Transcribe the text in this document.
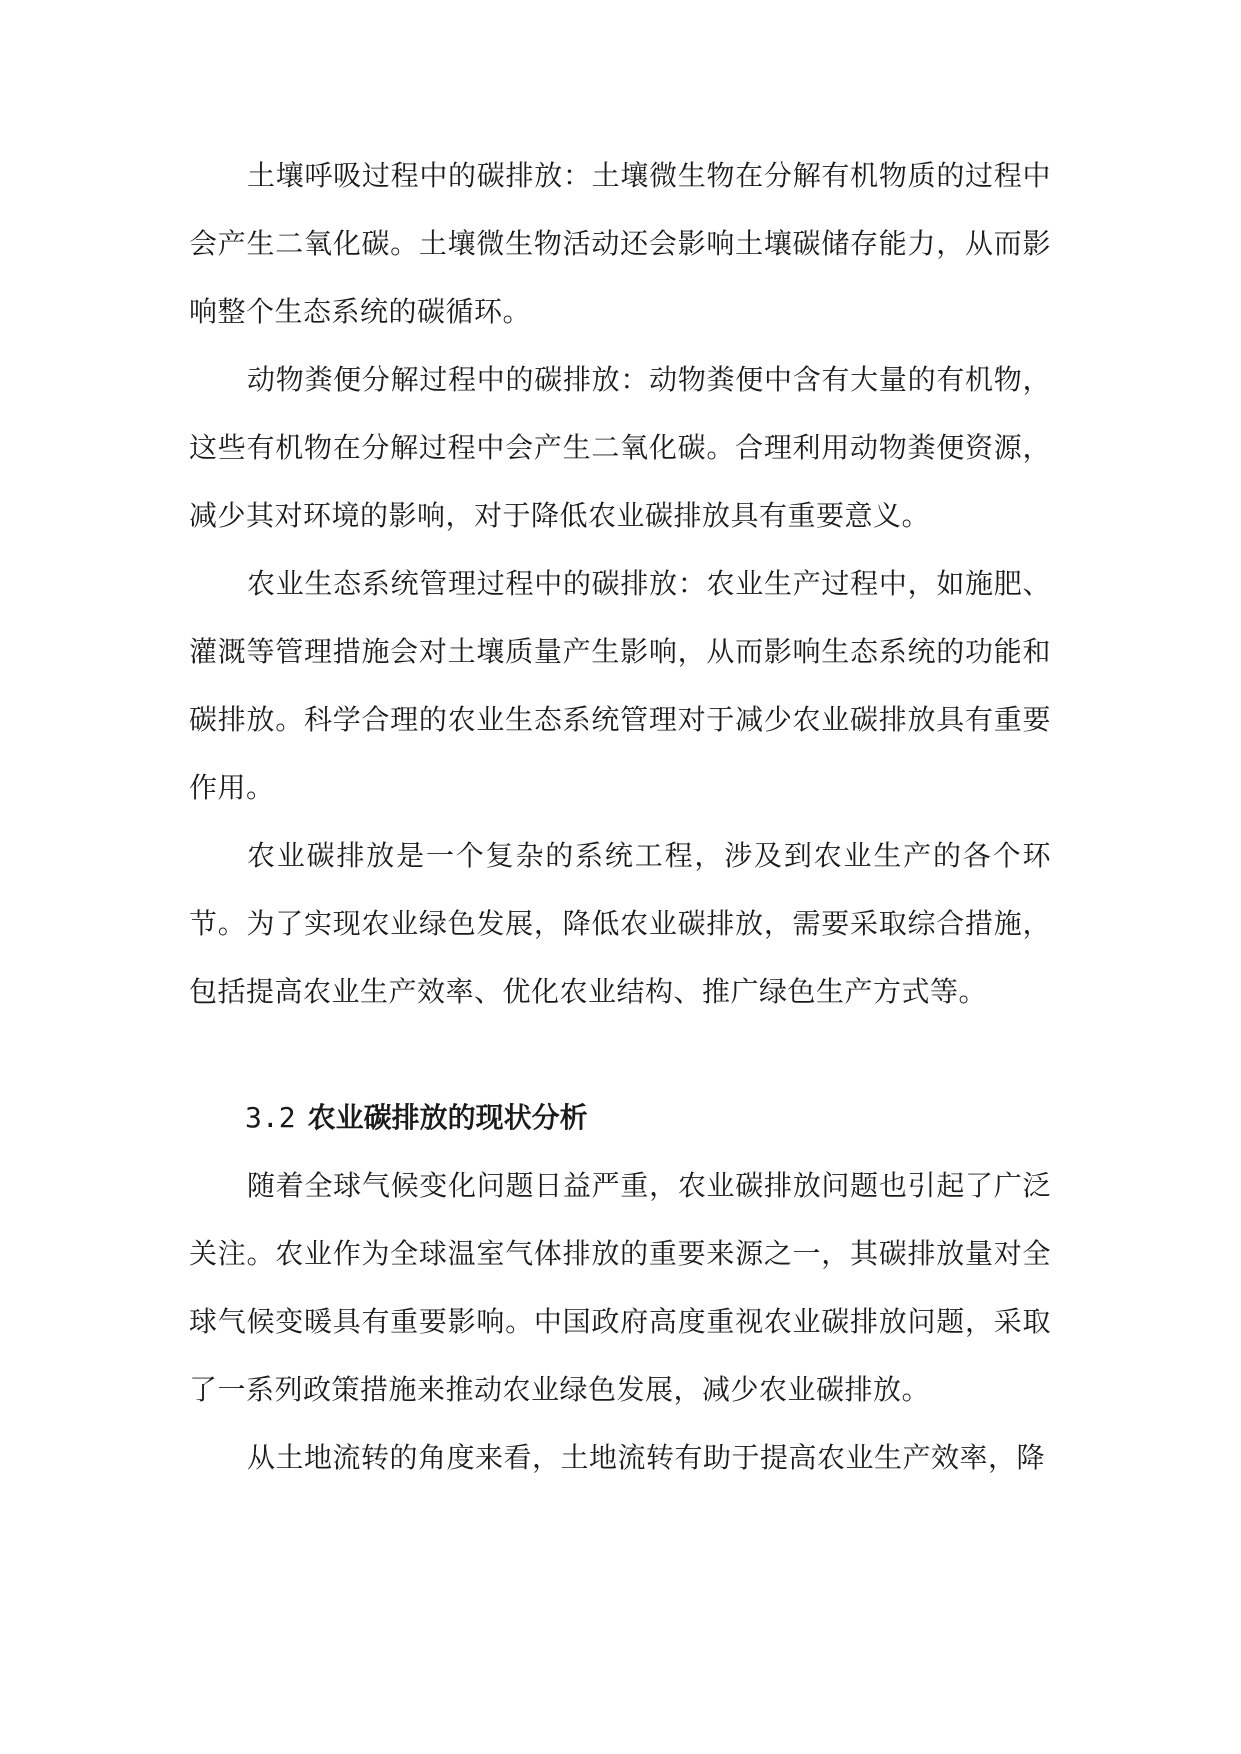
土壤呼吸过程中的碳排放：土壤微生物在分解有机物质的过程中会产生二氧化碳。土壤微生物活动还会影响土壤碳储存能力，从而影响整个生态系统的碳循环。

动物粪便分解过程中的碳排放：动物粪便中含有大量的有机物，这些有机物在分解过程中会产生二氧化碳。合理利用动物粪便资源，减少其对环境的影响，对于降低农业碳排放具有重要意义。

农业生态系统管理过程中的碳排放：农业生产过程中，如施肥、灌溉等管理措施会对土壤质量产生影响，从而影响生态系统的功能和碳排放。科学合理的农业生态系统管理对于减少农业碳排放具有重要作用。

农业碳排放是一个复杂的系统工程，涉及到农业生产的各个环节。为了实现农业绿色发展，降低农业碳排放，需要采取综合措施，包括提高农业生产效率、优化农业结构、推广绿色生产方式等。

3.2 农业碳排放的现状分析

随着全球气候变化问题日益严重，农业碳排放问题也引起了广泛关注。农业作为全球温室气体排放的重要来源之一，其碳排放量对全球气候变暖具有重要影响。中国政府高度重视农业碳排放问题，采取了一系列政策措施来推动农业绿色发展，减少农业碳排放。

从土地流转的角度来看，土地流转有助于提高农业生产效率，降
